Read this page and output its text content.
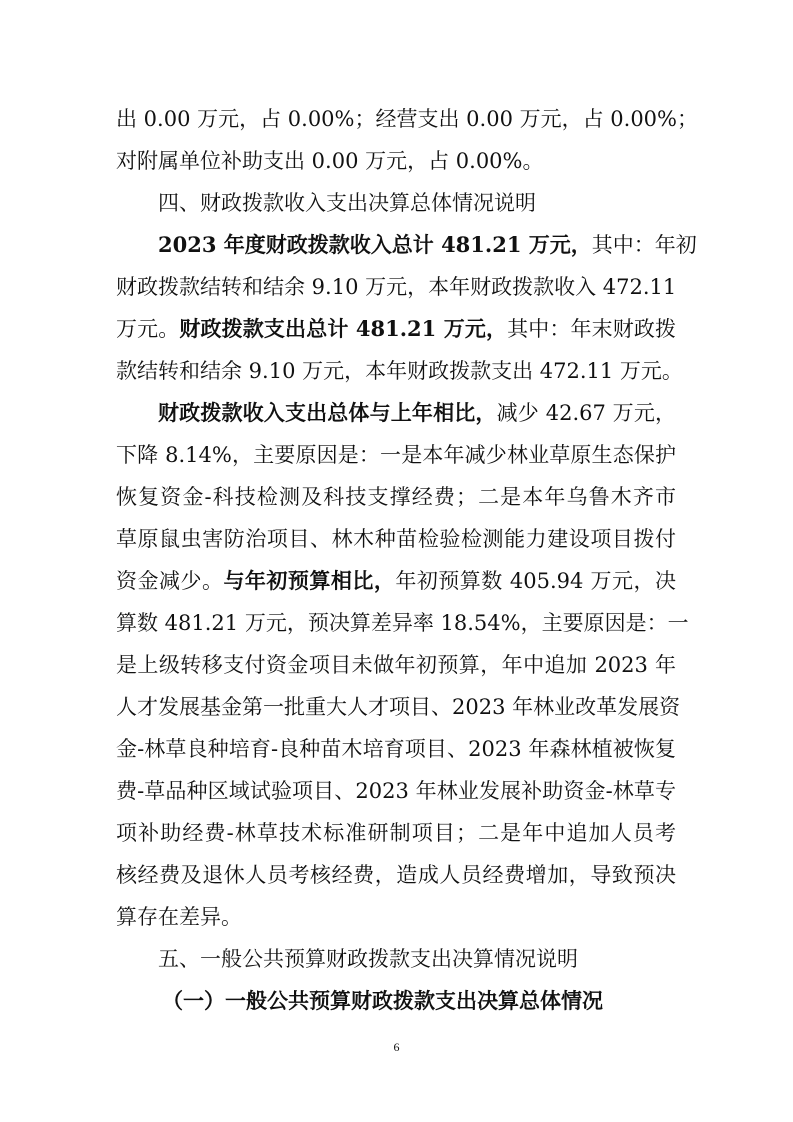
出 0.00 万元，占 0.00%；经营支出 0.00 万元，占 0.00%；
对附属单位补助支出 0.00 万元，占 0.00%。
四、财政拨款收入支出决算总体情况说明
2023 年度财政拨款收入总计 481.21 万元，其中：年初
财政拨款结转和结余 9.10 万元，本年财政拨款收入 472.11
万元。财政拨款支出总计 481.21 万元，其中：年末财政拨
款结转和结余 9.10 万元，本年财政拨款支出 472.11 万元。
财政拨款收入支出总体与上年相比，减少 42.67 万元，
下降 8.14%，主要原因是：一是本年减少林业草原生态保护
恢复资金-科技检测及科技支撑经费；二是本年乌鲁木齐市
草原鼠虫害防治项目、林木种苗检验检测能力建设项目拨付
资金减少。与年初预算相比，年初预算数 405.94 万元，决
算数 481.21 万元，预决算差异率 18.54%，主要原因是：一
是上级转移支付资金项目未做年初预算，年中追加 2023 年
人才发展基金第一批重大人才项目、2023 年林业改革发展资
金-林草良种培育-良种苗木培育项目、2023 年森林植被恢复
费-草品种区域试验项目、2023 年林业发展补助资金-林草专
项补助经费-林草技术标准研制项目；二是年中追加人员考
核经费及退休人员考核经费，造成人员经费增加，导致预决
算存在差异。
五、一般公共预算财政拨款支出决算情况说明
（一）一般公共预算财政拨款支出决算总体情况
6
